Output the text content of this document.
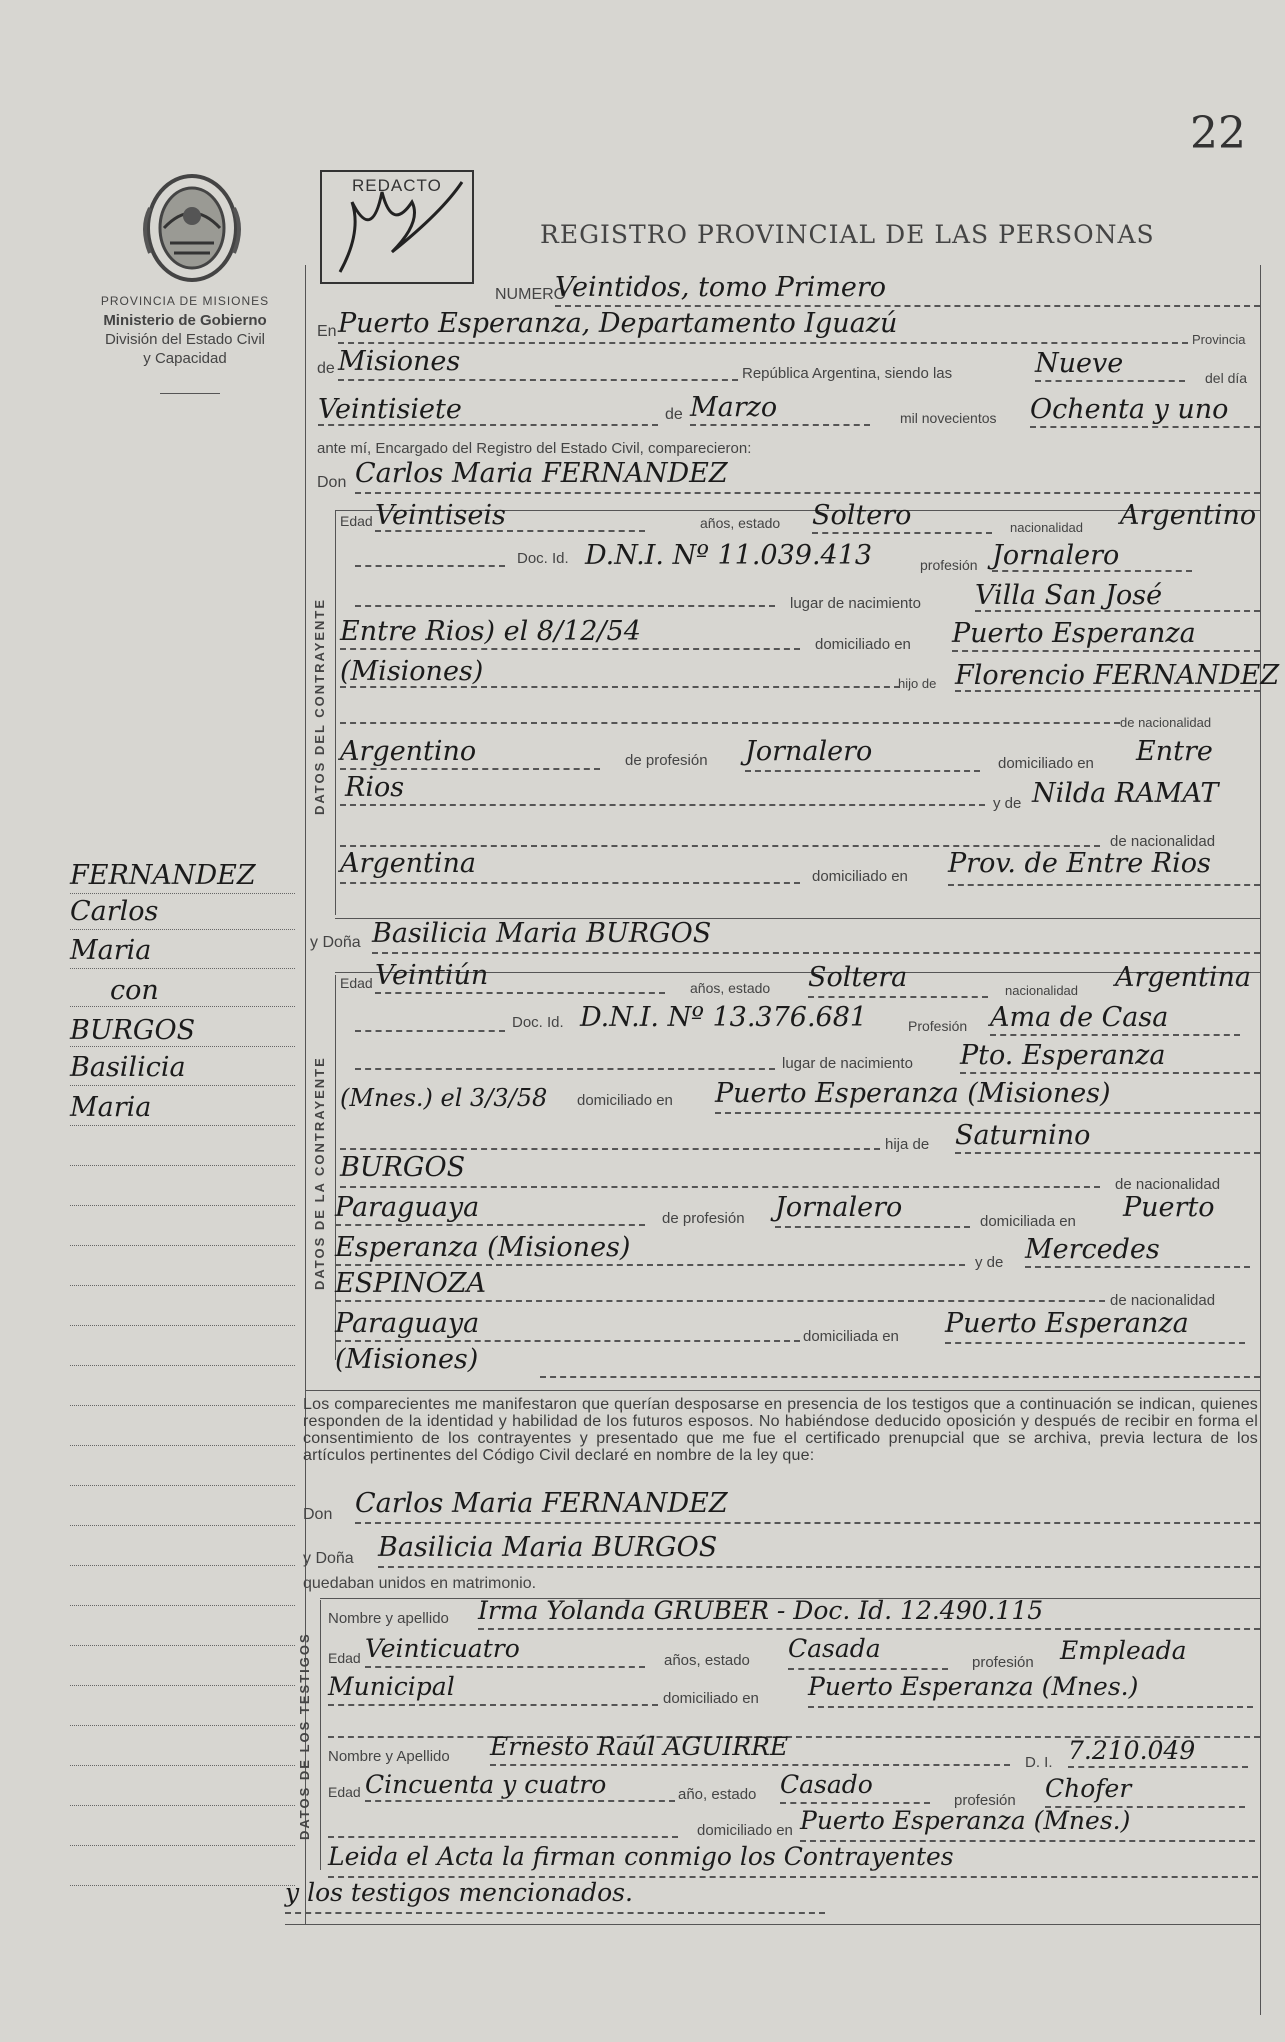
22
PROVINCIA DE MISIONES
Ministerio de Gobierno
División del Estado Civil
y Capacidad
REDACTO
REGISTRO PROVINCIAL DE LAS PERSONAS
FERNANDEZ
Carlos
Maria
con
BURGOS
Basilicia
Maria
NUMERO
Veintidos, tomo Primero
En Puerto Esperanza, Departamento Iguazú
Provincia
de Misiones	República Argentina, siendo las	Nueve	del día
Veintisiete	de Marzo	mil novecientos Ochenta y uno
ante mí, Encargado del Registro del Estado Civil, comparecieron:
Don Carlos Maria FERNANDEZ
DATOS DEL CONTRAYENTE
Edad Veintiseis	años, estado Soltero	nacionalidad Argentino
Doc. Id. D.N.I. Nº 11.039.413	profesión Jornalero
lugar de nacimiento Villa San José
Entre Rios) el 8/12/54	domiciliado en Puerto Esperanza
(Misiones)	hijo de Florencio FERNANDEZ
de nacionalidad
Argentino	de profesión Jornalero	domiciliado en Entre
Rios
y de Nilda RAMAT
de nacionalidad
Argentina	domiciliado en Prov. de Entre Rios
y Doña Basilicia Maria BURGOS
DATOS DE LA CONTRAYENTE
Edad Veintiún	años, estado Soltera	nacionalidad Argentina
Doc. Id. D.N.I. Nº 13.376.681	Profesión Ama de Casa
lugar de nacimiento Pto. Esperanza
(Mnes.) el 3/3/58 domiciliado en Puerto Esperanza (Misiones)
hija de Saturnino
BURGOS
de nacionalidad
Paraguaya	de profesión Jornalero	domiciliada en Puerto
Esperanza (Misiones)	y de Mercedes
ESPINOZA
de nacionalidad
Paraguaya	domiciliada en Puerto Esperanza
(Misiones)
Los comparecientes me manifestaron que querían desposarse en presencia de los testigos que a continuación se indican, quienes responden de la identidad y habilidad de los futuros esposos. No habiéndose deducido oposición y después de recibir en forma el consentimiento de los contrayentes y presentado que me fue el certificado prenupcial que se archiva, previa lectura de los artículos pertinentes del Código Civil declaré en nombre de la ley que:
Don Carlos Maria FERNANDEZ
y Doña Basilicia Maria BURGOS
quedaban unidos en matrimonio.
DATOS DE LOS TESTIGOS
Nombre y apellido Irma Yolanda GRUBER - Doc. Id. 12.490.115
Edad Veinticuatro	años, estado Casada	profesión Empleada
Municipal	domiciliado en Puerto Esperanza (Mnes.)
Nombre y Apellido Ernesto Raúl AGUIRRE
D. I. 7.210.049
Edad Cincuenta y cuatro	año, estado Casado
profesión Chofer
domiciliado en Puerto Esperanza (Mnes.)
Leida el Acta la firman conmigo los Contrayentes
y los testigos mencionados.
